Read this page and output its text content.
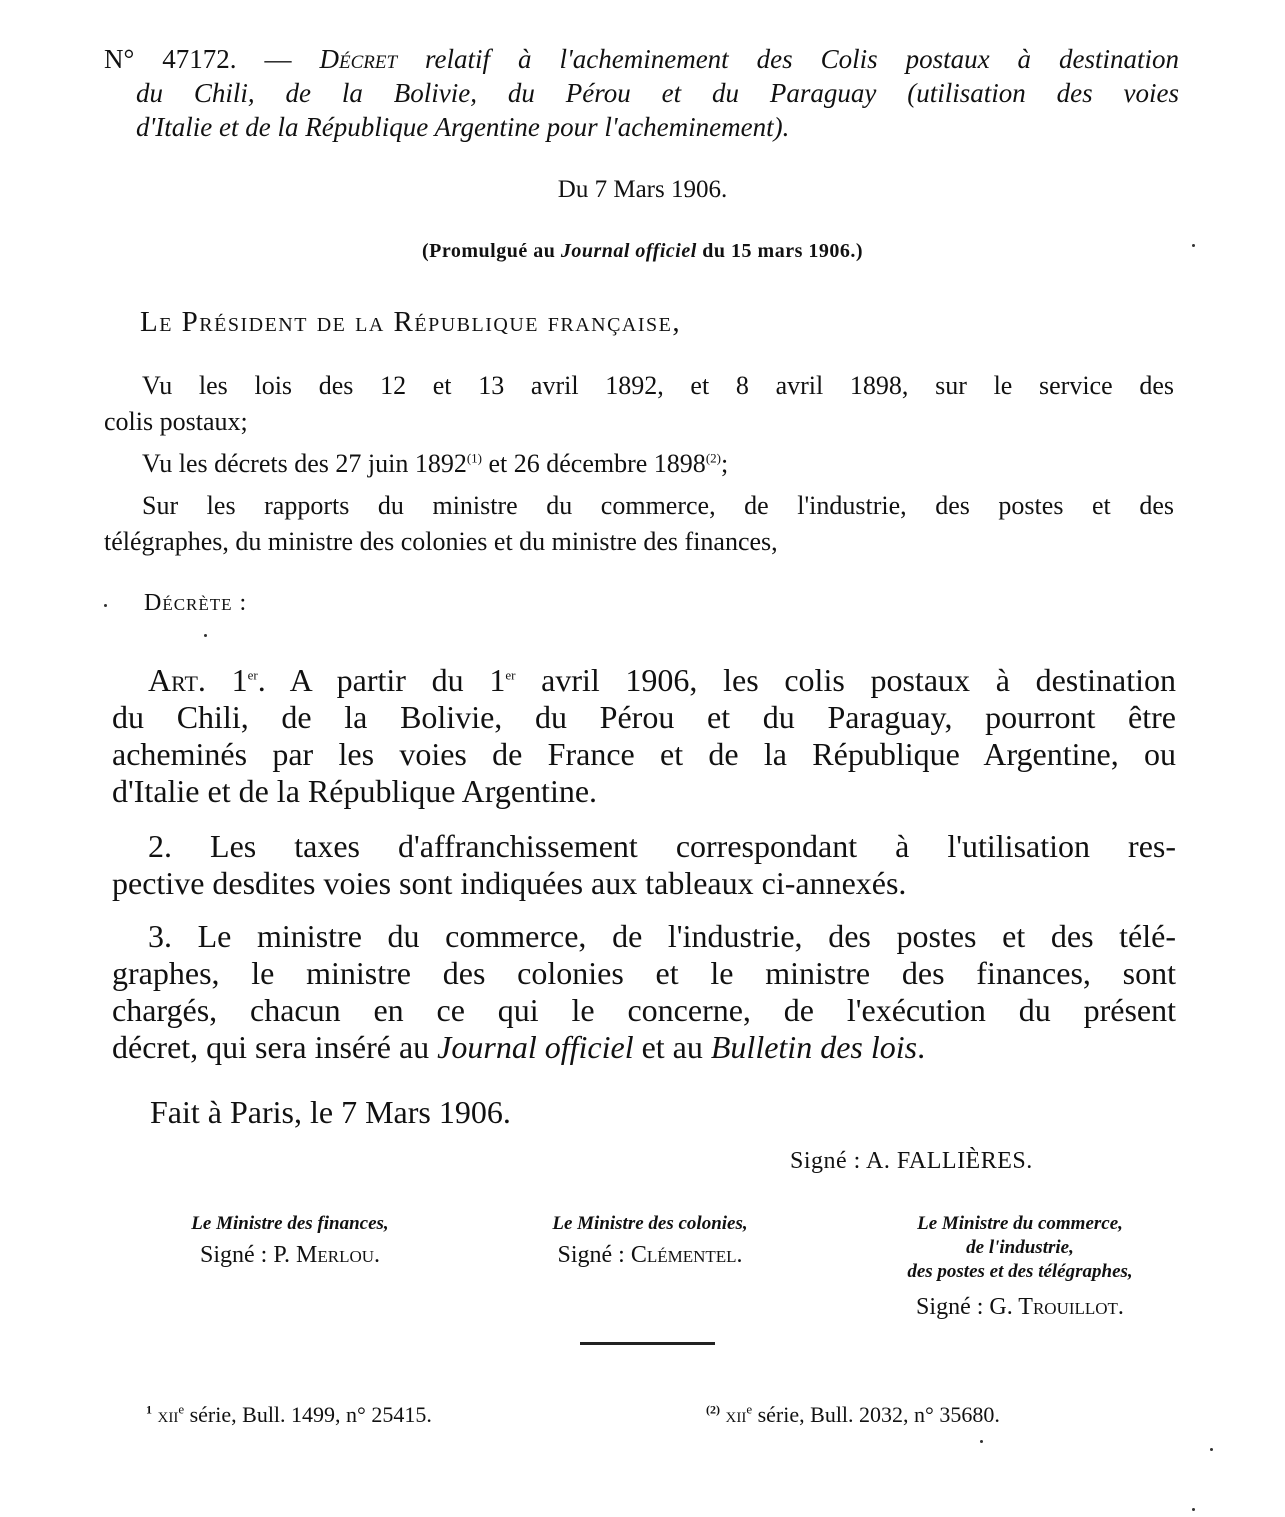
N° 47172. — Décret relatif à l'acheminement des Colis postaux à destination
du Chili, de la Bolivie, du Pérou et du Paraguay (utilisation des voies
d'Italie et de la République Argentine pour l'acheminement).
Du 7 Mars 1906.
(Promulgué au Journal officiel du 15 mars 1906.)
Le Président de la République française,
Vu les lois des 12 et 13 avril 1892, et 8 avril 1898, sur le service des
colis postaux;
Vu les décrets des 27 juin 1892$^{(1)}$ et 26 décembre 1898$^{(2)}$;
Sur les rapports du ministre du commerce, de l'industrie, des postes et des
télégraphes, du ministre des colonies et du ministre des finances,
Décrète :
Art. 1er. A partir du 1er avril 1906, les colis postaux à destination
du Chili, de la Bolivie, du Pérou et du Paraguay, pourront être
acheminés par les voies de France et de la République Argentine, ou
d'Italie et de la République Argentine.
2. Les taxes d'affranchissement correspondant à l'utilisation res-
pective desdites voies sont indiquées aux tableaux ci-annexés.
3. Le ministre du commerce, de l'industrie, des postes et des télé-
graphes, le ministre des colonies et le ministre des finances, sont
chargés, chacun en ce qui le concerne, de l'exécution du présent
décret, qui sera inséré au Journal officiel et au Bulletin des lois.
Fait à Paris, le 7 Mars 1906.
Signé : A. FALLIÈRES.
Le Ministre des finances,
Signé : P. Merlou.
Le Ministre des colonies,
Signé : Clémentel.
Le Ministre du commerce,
de l'industrie,
des postes et des télégraphes,
Signé : G. Trouillot.
$^1$ xii$^e$ série, Bull. 1499, n° 25415.	$^{(2)}$ xii$^e$ série, Bull. 2032, n° 35680.
